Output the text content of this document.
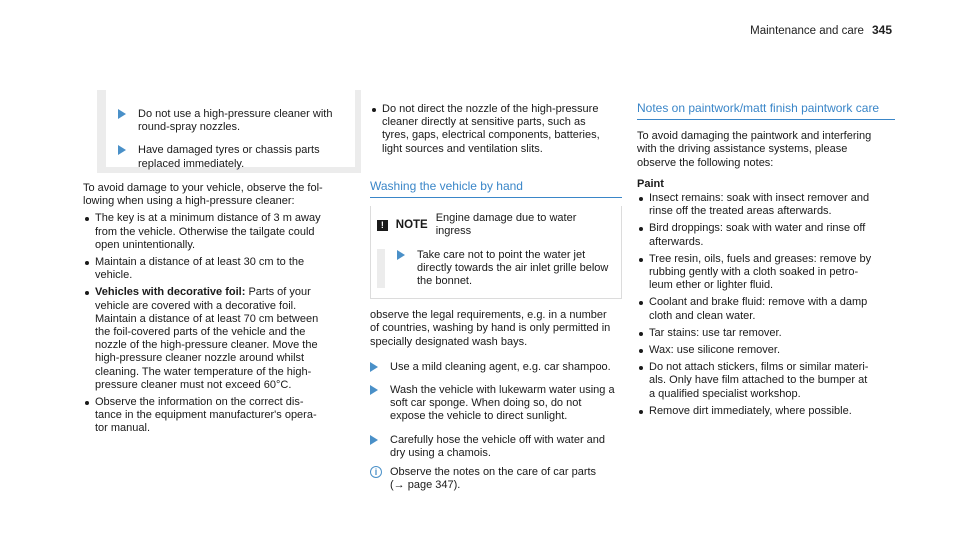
Maintenance and care 345
Do not use a high-pressure cleaner with
round-spray nozzles.
Have damaged tyres or chassis parts
replaced immediately.

To avoid damage to your vehicle, observe the fol-
lowing when using a high-pressure cleaner:

The key is at a minimum distance of 3 m away
from the vehicle. Otherwise the tailgate could
open unintentionally.
Maintain a distance of at least 30 cm to the
vehicle.
Vehicles with decorative foil: Parts of your
vehicle are covered with a decorative foil.
Maintain a distance of at least 70 cm between
the foil-covered parts of the vehicle and the
nozzle of the high-pressure cleaner. Move the
high-pressure cleaner nozzle around whilst
cleaning. The water temperature of the high-
pressure cleaner must not exceed 60°C.
Observe the information on the correct dis-
tance in the equipment manufacturer's opera-
tor manual.
Do not direct the nozzle of the high-pressure
cleaner directly at sensitive parts, such as
tyres, gaps, electrical components, batteries,
light sources and ventilation slits.
Washing the vehicle by hand
!	NOTE
Engine damage due to water ingress
Take care not to point the water jet
directly towards the air inlet grille below
the bonnet.

observe the legal requirements, e.g. in a number
of countries, washing by hand is only permitted in
specially designated wash bays.

Use a mild cleaning agent, e.g. car shampoo.
Wash the vehicle with lukewarm water using a
soft car sponge. When doing so, do not
expose the vehicle to direct sunlight.
Carefully hose the vehicle off with water and
dry using a chamois.
i	Observe the notes on the care of car parts
(→ page 347).
Notes on paintwork/matt finish paintwork care

To avoid damaging the paintwork and interfering
with the driving assistance systems, please
observe the following notes:

Paint
Insect remains: soak with insect remover and
rinse off the treated areas afterwards.
Bird droppings: soak with water and rinse off
afterwards.
Tree resin, oils, fuels and greases: remove by
rubbing gently with a cloth soaked in petro-
leum ether or lighter fluid.
Coolant and brake fluid: remove with a damp
cloth and clean water.
Tar stains: use tar remover.
Wax: use silicone remover.
Do not attach stickers, films or similar materi-
als. Only have film attached to the bumper at
a qualified specialist workshop.
Remove dirt immediately, where possible.
